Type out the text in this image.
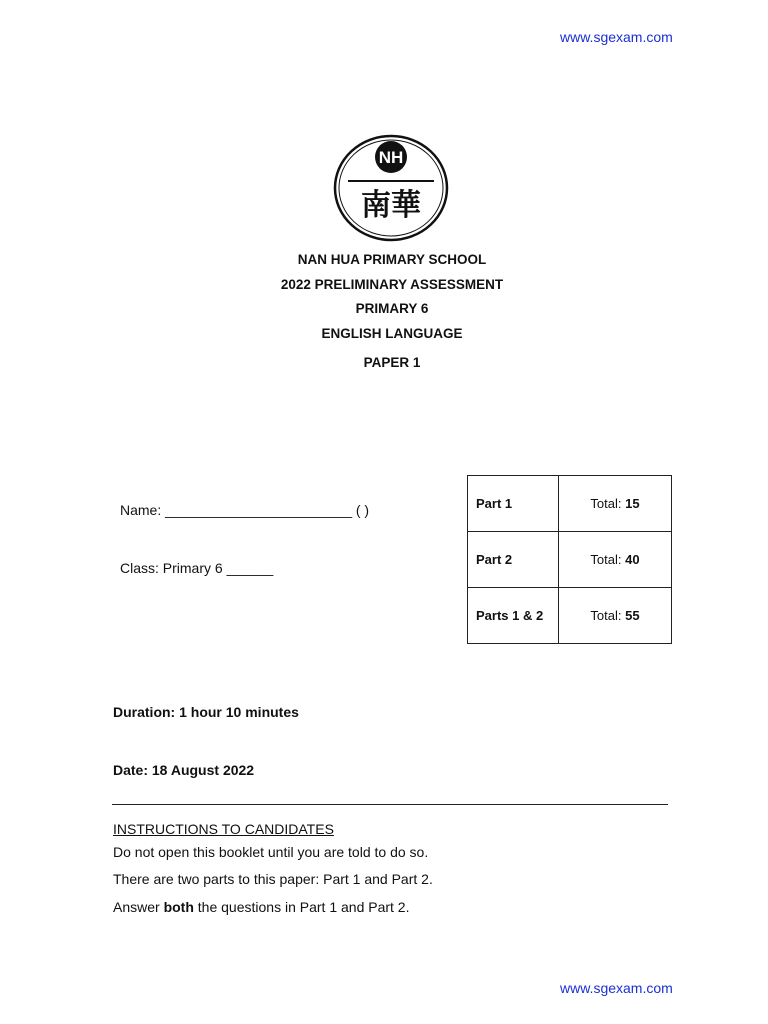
www.sgexam.com
NH
南華
NAN HUA PRIMARY SCHOOL
2022 PRELIMINARY ASSESSMENT
PRIMARY 6
ENGLISH LANGUAGE
PAPER 1
Name: ________________________ ( )
Class: Primary 6 ______
Part 1	Total: 15
Part 2	Total: 40
Parts 1 & 2	Total: 55
Duration: 1 hour 10 minutes
Date: 18 August 2022
INSTRUCTIONS TO CANDIDATES
Do not open this booklet until you are told to do so.
There are two parts to this paper: Part 1 and Part 2.
Answer both the questions in Part 1 and Part 2.
www.sgexam.com
